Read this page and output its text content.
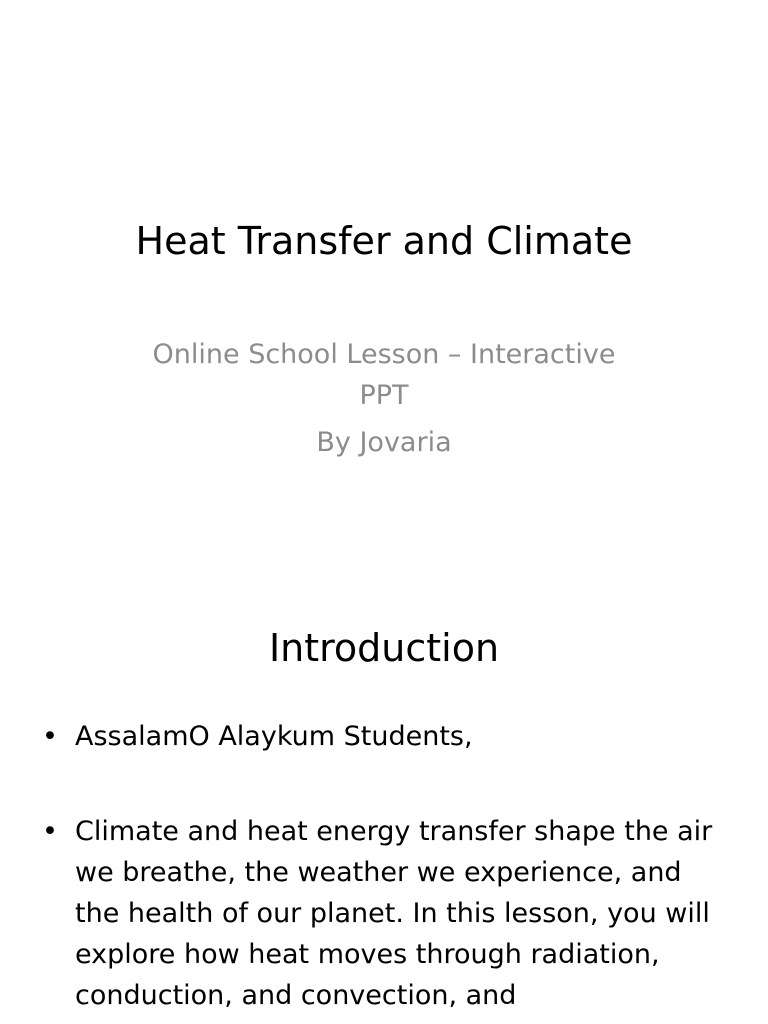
Heat Transfer and Climate

Online School Lesson – Interactive PPT

By Jovaria

Introduction
• AssalamO Alaykum Students,
• Climate and heat energy transfer shape the air we breathe, the weather we experience, and the health of our planet. In this lesson, you will explore how heat moves through radiation, conduction, and convection, and
